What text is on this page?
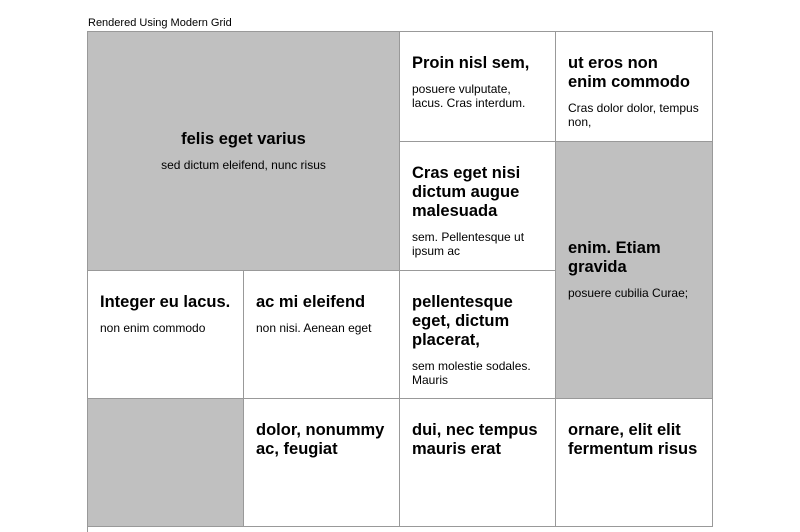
Rendered Using Modern Grid
felis eget varius
sed dictum eleifend, nunc risus
Proin nisl sem,
posuere vulputate, lacus. Cras interdum.
ut eros non enim commodo
Cras dolor dolor, tempus non,
Cras eget nisi dictum augue malesuada
sem. Pellentesque ut ipsum ac	enim. Etiam gravida
posuere cubilia Curae;
Integer eu lacus.
non enim commodo
ac mi eleifend
non nisi. Aenean eget
pellentesque eget, dictum placerat,
sem molestie sodales. Mauris
dolor, nonummy ac, feugiat
dui, nec tempus mauris erat
ornare, elit elit fermentum risus
